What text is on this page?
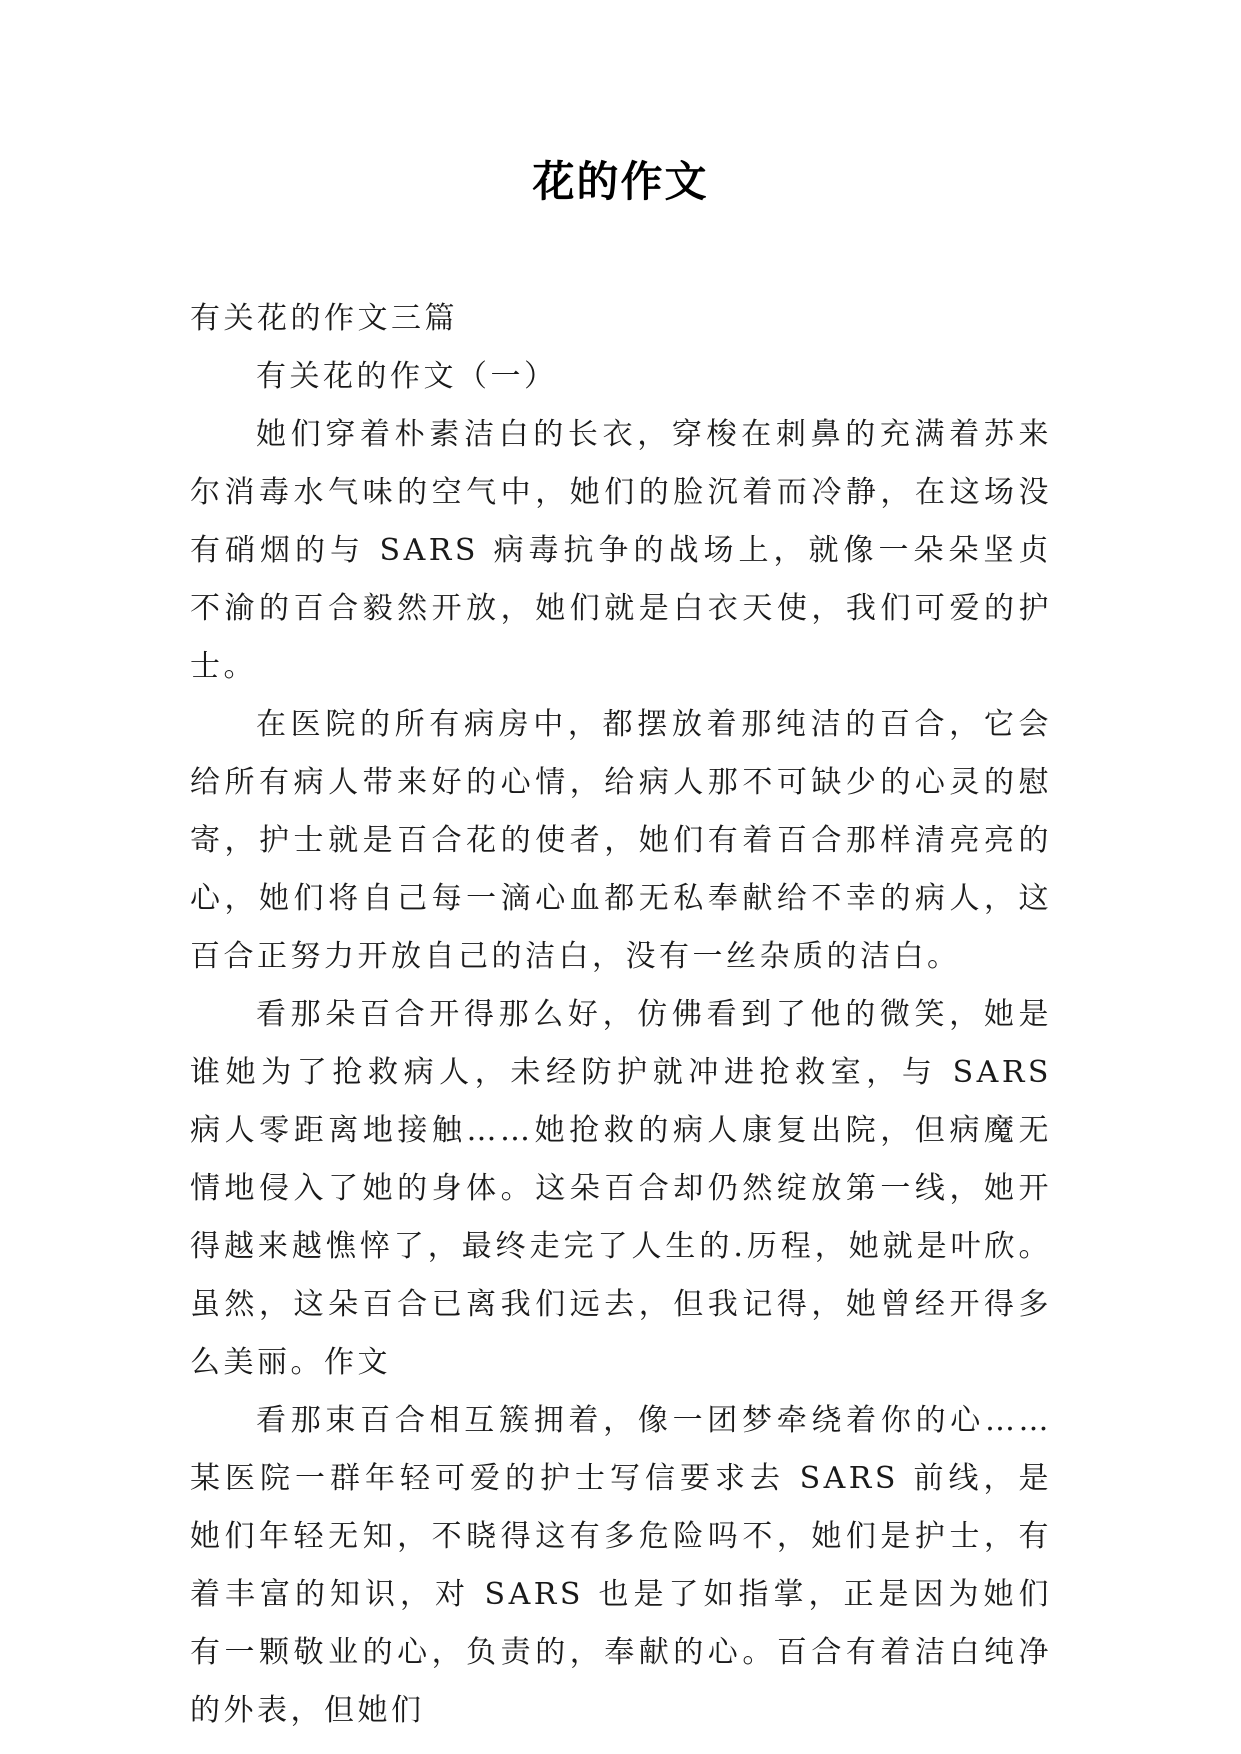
花的作文

有关花的作文三篇

有关花的作文（一）

她们穿着朴素洁白的长衣，穿梭在刺鼻的充满着苏来尔消毒水气味的空气中，她们的脸沉着而冷静，在这场没有硝烟的与 SARS 病毒抗争的战场上，就像一朵朵坚贞不渝的百合毅然开放，她们就是白衣天使，我们可爱的护士。

在医院的所有病房中，都摆放着那纯洁的百合，它会给所有病人带来好的心情，给病人那不可缺少的心灵的慰寄，护士就是百合花的使者，她们有着百合那样清亮亮的心，她们将自己每一滴心血都无私奉献给不幸的病人，这百合正努力开放自己的洁白，没有一丝杂质的洁白。

看那朵百合开得那么好，仿佛看到了他的微笑，她是谁她为了抢救病人，未经防护就冲进抢救室，与 SARS 病人零距离地接触……她抢救的病人康复出院，但病魔无情地侵入了她的身体。这朵百合却仍然绽放第一线，她开得越来越憔悴了，最终走完了人生的.历程，她就是叶欣。虽然，这朵百合已离我们远去，但我记得，她曾经开得多么美丽。作文

看那束百合相互簇拥着，像一团梦牵绕着你的心……某医院一群年轻可爱的护士写信要求去 SARS 前线，是她们年轻无知，不晓得这有多危险吗不，她们是护士，有着丰富的知识，对 SARS 也是了如指掌，正是因为她们有一颗敬业的心，负责的，奉献的心。百合有着洁白纯净的外表，但她们
